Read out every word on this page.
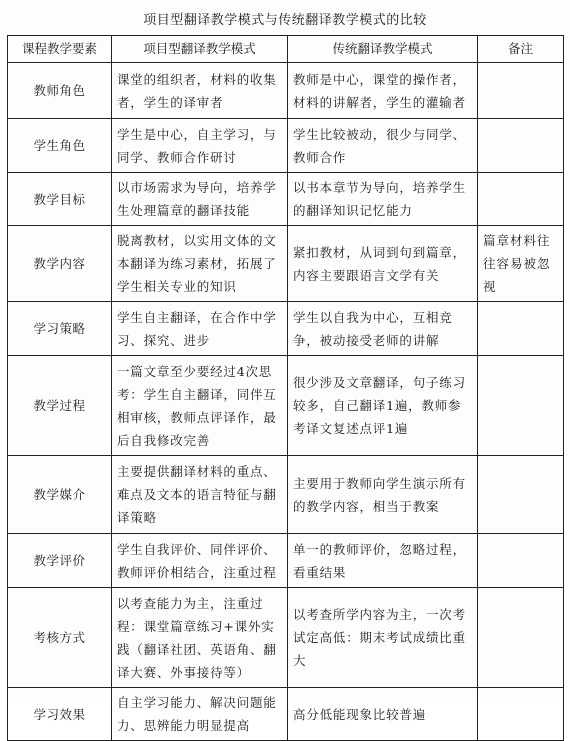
项目型翻译教学模式与传统翻译教学模式的比较
课程教学要素	项目型翻译教学模式	传统翻译教学模式	备注
教师角色	课堂的组织者，材料的收集者，学生的译审者	教师是中心，课堂的操作者，材料的讲解者，学生的灌输者	
学生角色	学生是中心，自主学习，与同学、教师合作研讨	学生比较被动，很少与同学、教师合作	
教学目标	以市场需求为导向，培养学生处理篇章的翻译技能	以书本章节为导向，培养学生的翻译知识记忆能力	
教学内容	脱离教材，以实用文体的文本翻译为练习素材，拓展了学生相关专业的知识	紧扣教材，从词到句到篇章，内容主要跟语言文学有关	篇章材料往往容易被忽视
学习策略	学生自主翻译，在合作中学习、探究、进步	学生以自我为中心，互相竞争，被动接受老师的讲解	
教学过程	一篇文章至少要经过4次思考：学生自主翻译，同伴互相审核，教师点评译作，最后自我修改完善	很少涉及文章翻译，句子练习较多，自己翻译1遍，教师参考译文复述点评1遍	
教学媒介	主要提供翻译材料的重点、难点及文本的语言特征与翻译策略	主要用于教师向学生演示所有的教学内容，相当于教案	
教学评价	学生自我评价、同伴评价、教师评价相结合，注重过程	单一的教师评价，忽略过程，看重结果	
考核方式	以考查能力为主，注重过程：课堂篇章练习+课外实践（翻译社团、英语角、翻译大赛、外事接待等）	以考查所学内容为主，一次考试定高低：期末考试成绩比重大	
学习效果	自主学习能力、解决问题能力、思辨能力明显提高	高分低能现象比较普遍	
